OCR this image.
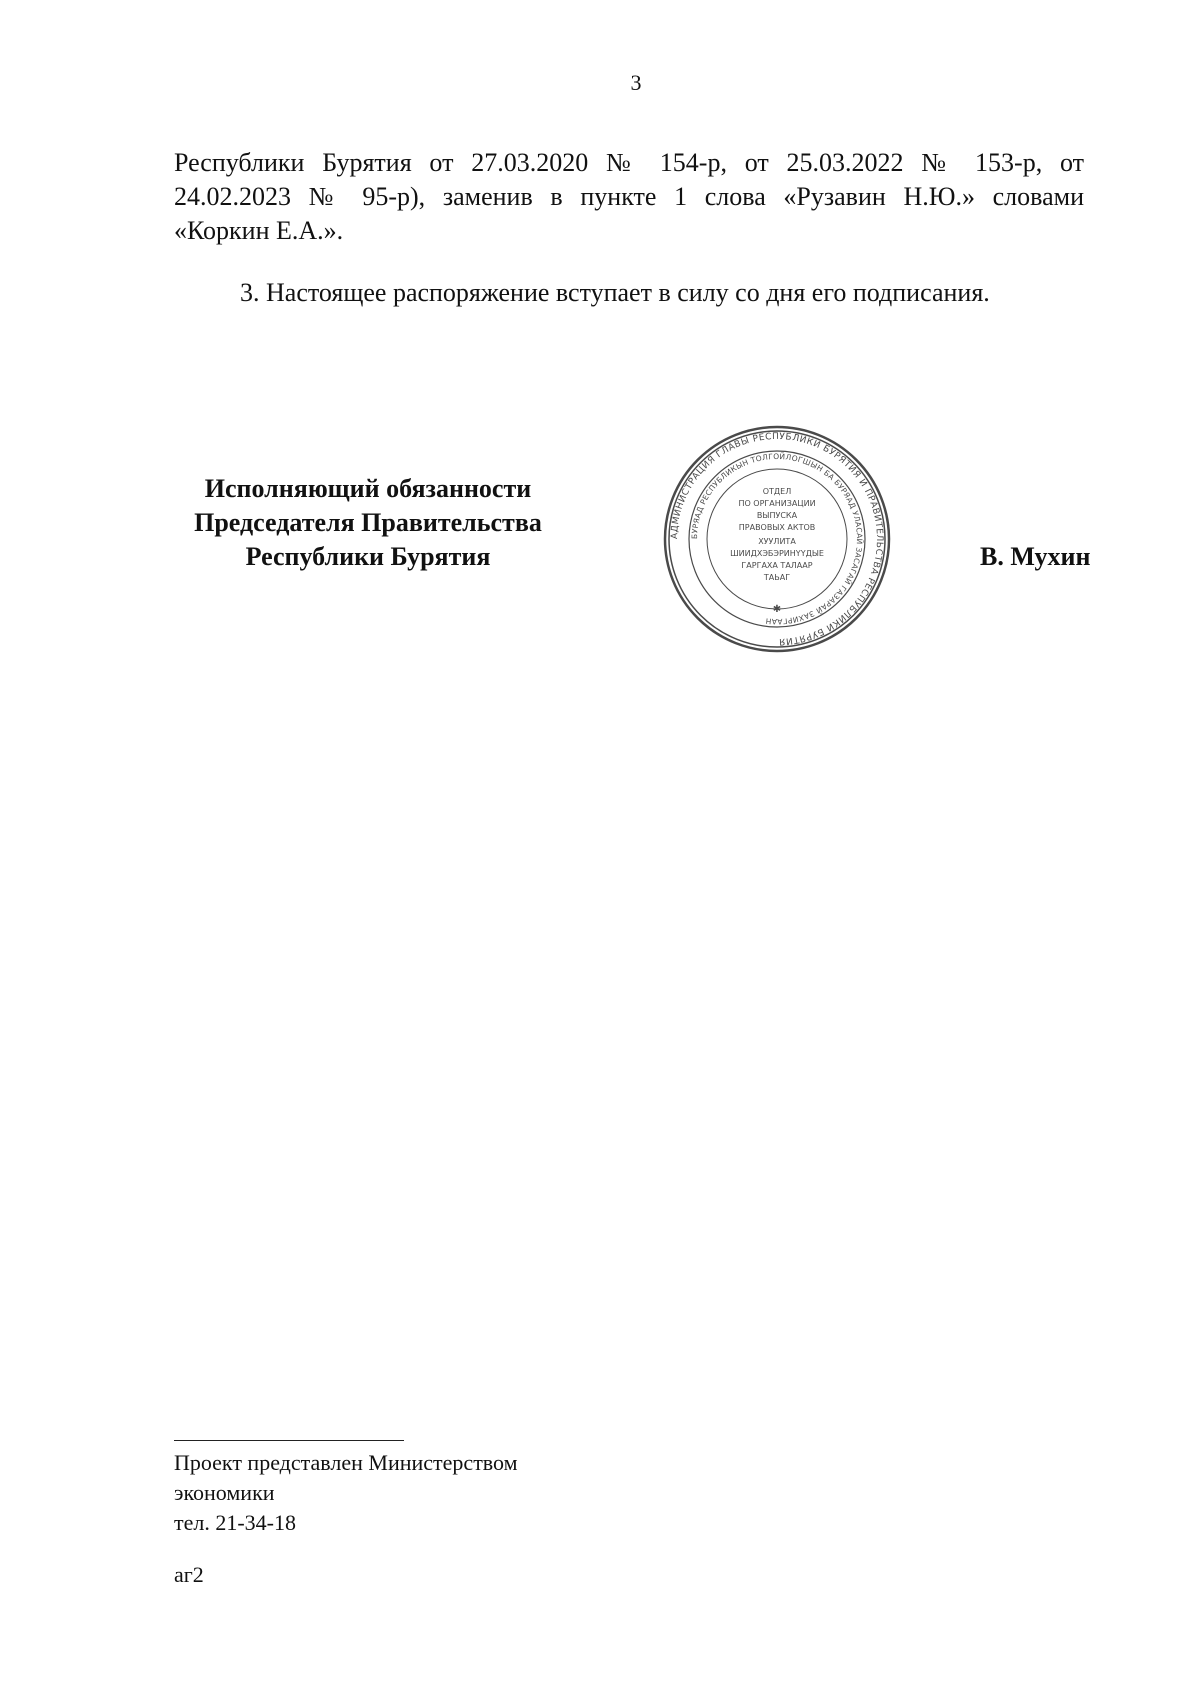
3
Республики Бурятия от 27.03.2020 № 154-р, от 25.03.2022 № 153-р, от
24.02.2023 № 95-р), заменив в пункте 1 слова «Рузавин Н.Ю.» словами
«Коркин Е.А.».
3. Настоящее распоряжение вступает в силу со дня его подписания.
Исполняющий обязанности
Председателя Правительства
Республики Бурятия
АДМИНИСТРАЦИЯ ГЛАВЫ РЕСПУБЛИКИ БУРЯТИЯ И ПРАВИТЕЛЬСТВА РЕСПУБЛИКИ БУРЯТИЯ
БУРЯАД РЕСПУБЛИКЫН ТОЛГОЙЛОГШЫН БА БУРЯАД УЛАСАЙ ЗАСАГАЙ ГАЗАРАЙ ЗАХИРГААН
ОТДЕЛ
ПО ОРГАНИЗАЦИИ
ВЫПУСКА
ПРАВОВЫХ АКТОВ
ХУУЛИТА
ШИИДХЭБЭРИНҮҮДЫЕ
ГАРГАХА ТАЛААР
ТАЬАГ
✱
В. Мухин
Проект представлен Министерством
экономики
тел. 21-34-18
аг2
